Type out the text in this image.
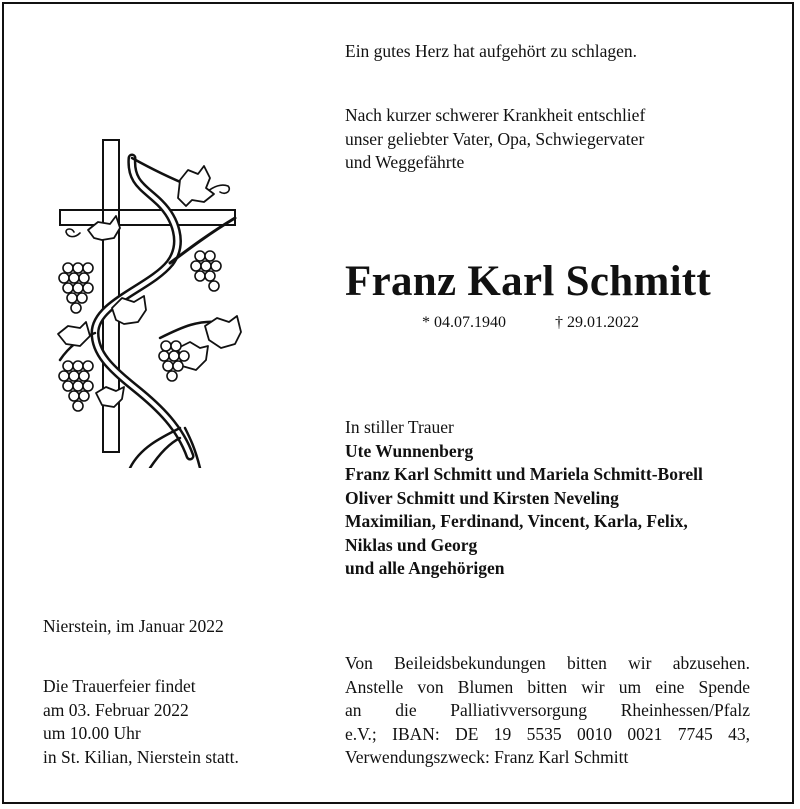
Ein gutes Herz hat aufgehört zu schlagen.
Nach kurzer schwerer Krankheit entschlief
unser geliebter Vater, Opa, Schwiegervater
und Weggefährte
Franz Karl Schmitt
* 04.07.1940	† 29.01.2022
In stiller Trauer
Ute Wunnenberg
Franz Karl Schmitt und Mariela Schmitt-Borell
Oliver Schmitt und Kirsten Neveling
Maximilian, Ferdinand, Vincent, Karla, Felix,
Niklas und Georg
und alle Angehörigen
Nierstein, im Januar 2022
Die Trauerfeier findet
am 03. Februar 2022
um 10.00 Uhr
in St. Kilian, Nierstein statt.
Von Beileidsbekundungen bitten wir abzusehen.
Anstelle von Blumen bitten wir um eine Spende
an die Palliativversorgung Rheinhessen/Pfalz
e.V.; IBAN: DE 19 5535 0010 0021 7745 43,
Verwendungszweck: Franz Karl Schmitt
